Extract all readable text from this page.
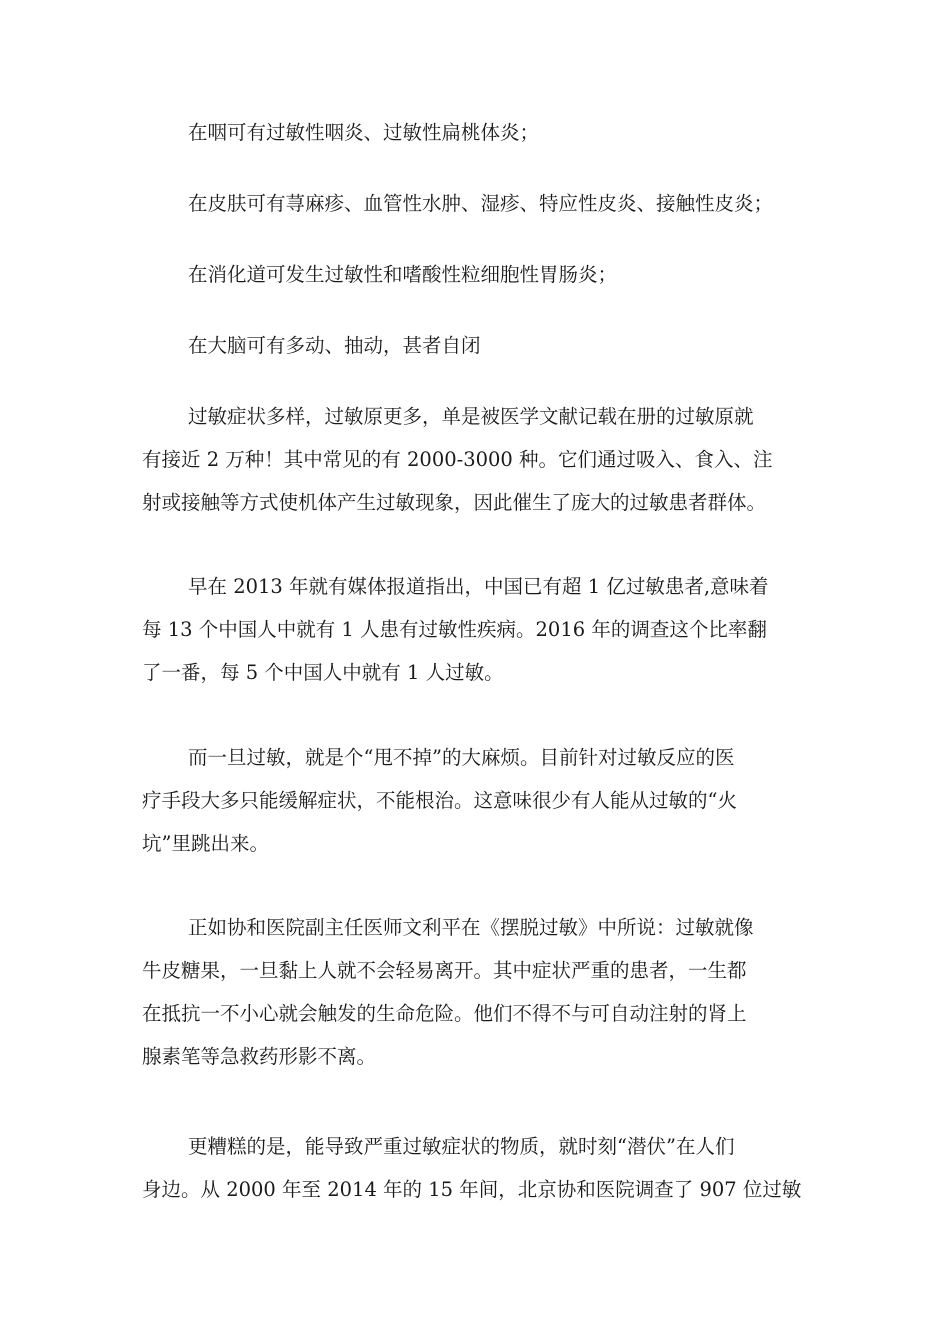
在咽可有过敏性咽炎、过敏性扁桃体炎；
在皮肤可有荨麻疹、血管性水肿、湿疹、特应性皮炎、接触性皮炎；
在消化道可发生过敏性和嗜酸性粒细胞性胃肠炎；
在大脑可有多动、抽动，甚者自闭
过敏症状多样，过敏原更多，单是被医学文献记载在册的过敏原就
有接近 2 万种！其中常见的有 2000-3000 种。它们通过吸入、食入、注
射或接触等方式使机体产生过敏现象，因此催生了庞大的过敏患者群体。
早在 2013 年就有媒体报道指出，中国已有超 1 亿过敏患者,意味着
每 13 个中国人中就有 1 人患有过敏性疾病。2016 年的调查这个比率翻
了一番，每 5 个中国人中就有 1 人过敏。
而一旦过敏，就是个“甩不掉”的大麻烦。目前针对过敏反应的医
疗手段大多只能缓解症状，不能根治。这意味很少有人能从过敏的“火
坑”里跳出来。
正如协和医院副主任医师文利平在《摆脱过敏》中所说：过敏就像
牛皮糖果，一旦黏上人就不会轻易离开。其中症状严重的患者，一生都
在抵抗一不小心就会触发的生命危险。他们不得不与可自动注射的肾上
腺素笔等急救药形影不离。
更糟糕的是，能导致严重过敏症状的物质，就时刻“潜伏”在人们
身边。从 2000 年至 2014 年的 15 年间，北京协和医院调查了 907 位过敏
